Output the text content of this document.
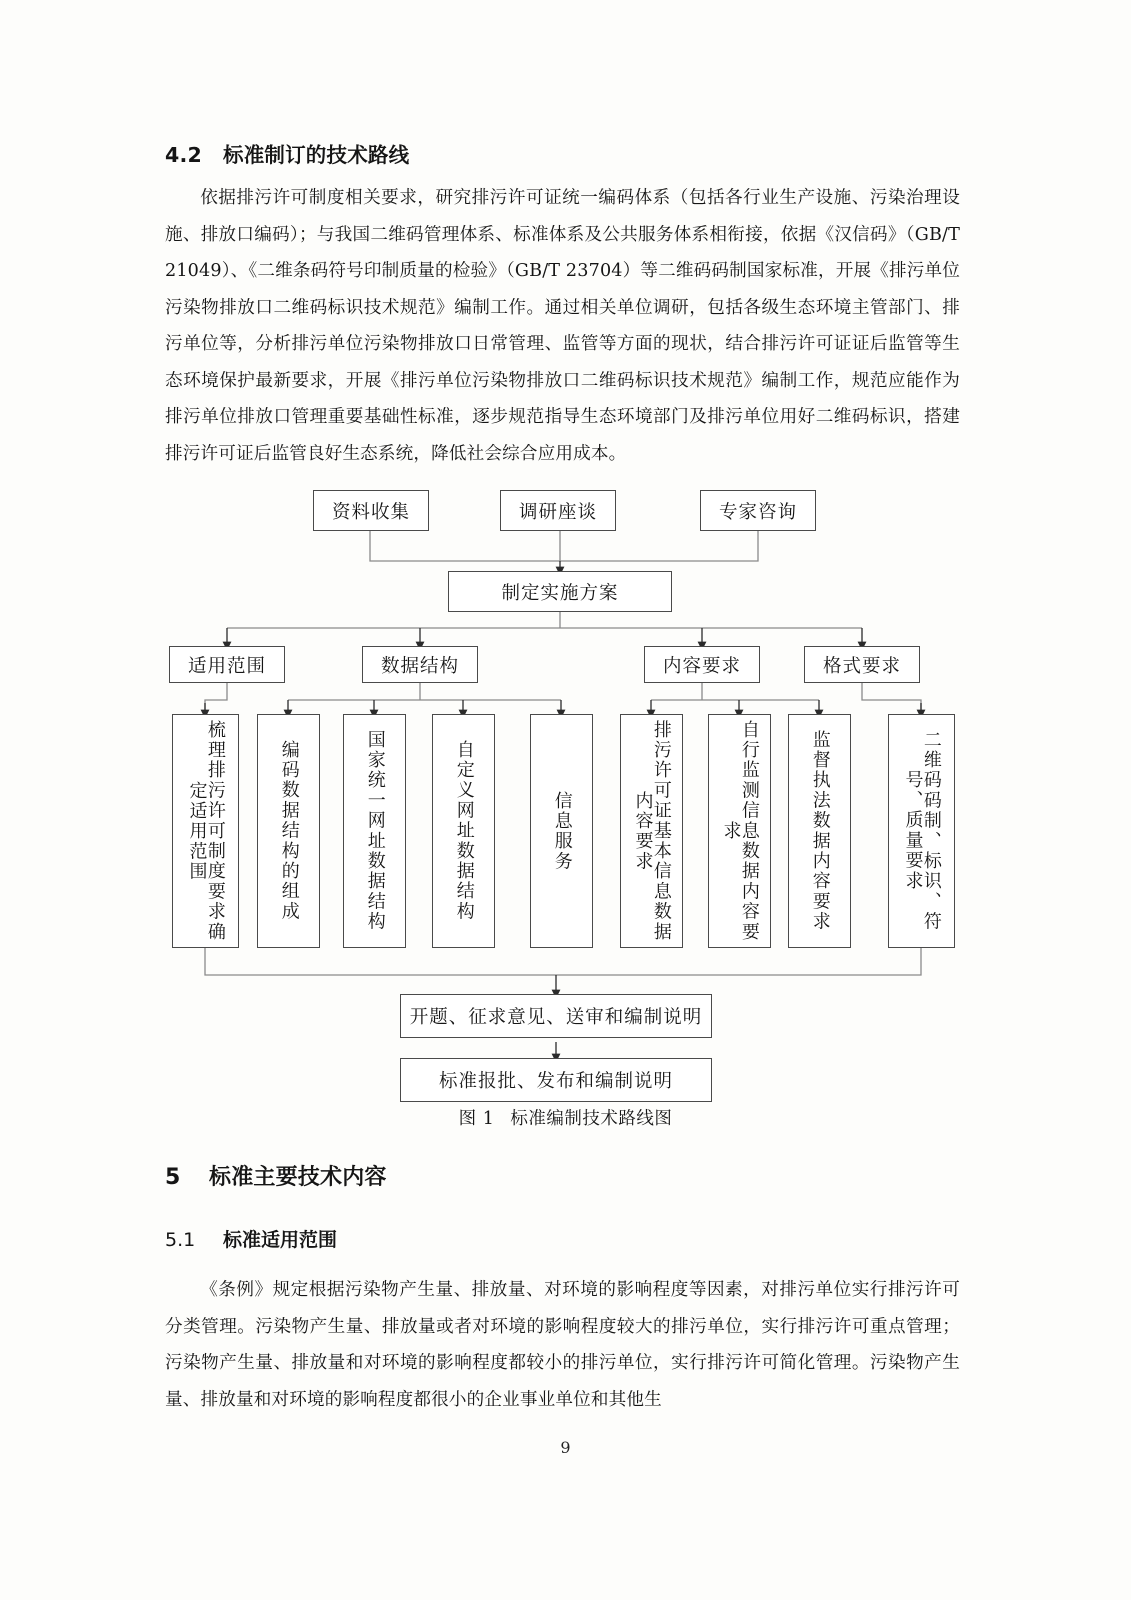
4.2 标准制订的技术路线

依据排污许可制度相关要求，研究排污许可证统一编码体系（包括各行业生产设施、污染治理设施、排放口编码）；与我国二维码管理体系、标准体系及公共服务体系相衔接，依据《汉信码》（GB/T 21049）、《二维条码符号印制质量的检验》（GB/T 23704）等二维码码制国家标准，开展《排污单位污染物排放口二维码标识技术规范》编制工作。通过相关单位调研，包括各级生态环境主管部门、排污单位等，分析排污单位污染物排放口日常管理、监管等方面的现状，结合排污许可证证后监管等生态环境保护最新要求，开展《排污单位污染物排放口二维码标识技术规范》编制工作，规范应能作为排污单位排放口管理重要基础性标准，逐步规范指导生态环境部门及排污单位用好二维码标识，搭建排污许可证后监管良好生态系统，降低社会综合应用成本。

资料收集	调研座谈	专家咨询
制定实施方案
适用范围	数据结构	内容要求	格式要求
梳理排污许可制度要求确定适用范围	编码数据结构的组成	国家统一网址数据结构	自定义网址数据结构	信息服务	排污许可证基本信息数据内容要求	自行监测信息数据内容要求	监督执法数据内容要求	二维码码制、标识、符号、质量要求
开题、征求意见、送审和编制说明
标准报批、发布和编制说明
图 1 标准编制技术路线图
5 标准主要技术内容
5.1 标准适用范围

《条例》规定根据污染物产生量、排放量、对环境的影响程度等因素，对排污单位实行排污许可分类管理。污染物产生量、排放量或者对环境的影响程度较大的排污单位，实行排污许可重点管理；污染物产生量、排放量和对环境的影响程度都较小的排污单位，实行排污许可简化管理。污染物产生量、排放量和对环境的影响程度都很小的企业事业单位和其他生

9
